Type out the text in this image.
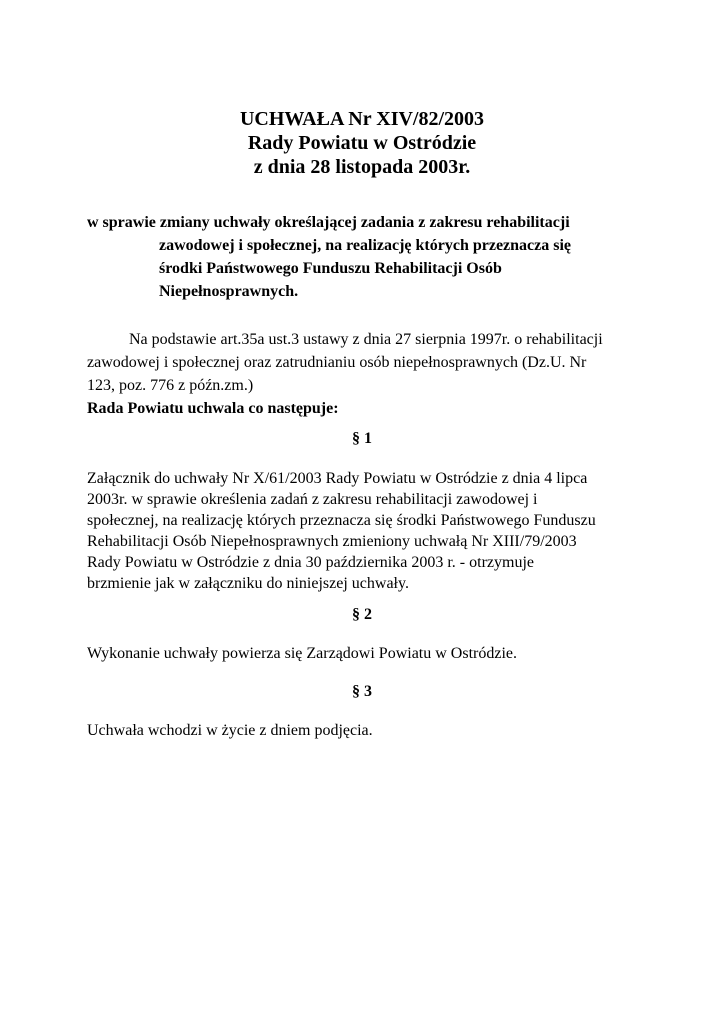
UCHWAŁA Nr XIV/82/2003
Rady Powiatu w Ostródzie
z dnia 28 listopada 2003r.
w sprawie zmiany uchwały określającej zadania z zakresu rehabilitacji
zawodowej i społecznej, na realizację których przeznacza się
środki Państwowego Funduszu Rehabilitacji Osób
Niepełnosprawnych.
Na podstawie art.35a ust.3 ustawy z dnia 27 sierpnia 1997r. o rehabilitacji
zawodowej i społecznej oraz zatrudnianiu osób niepełnosprawnych (Dz.U. Nr
123, poz. 776 z późn.zm.)
Rada Powiatu uchwala co następuje:
§ 1
Załącznik do uchwały Nr X/61/2003 Rady Powiatu w Ostródzie z dnia 4 lipca
2003r. w sprawie określenia zadań z zakresu rehabilitacji zawodowej i
społecznej, na realizację których przeznacza się środki Państwowego Funduszu
Rehabilitacji Osób Niepełnosprawnych zmieniony uchwałą Nr XIII/79/2003
Rady Powiatu w Ostródzie z dnia 30 października 2003 r. - otrzymuje
brzmienie jak w załączniku do niniejszej uchwały.
§ 2
Wykonanie uchwały powierza się Zarządowi Powiatu w Ostródzie.
§ 3
Uchwała wchodzi w życie z dniem podjęcia.
